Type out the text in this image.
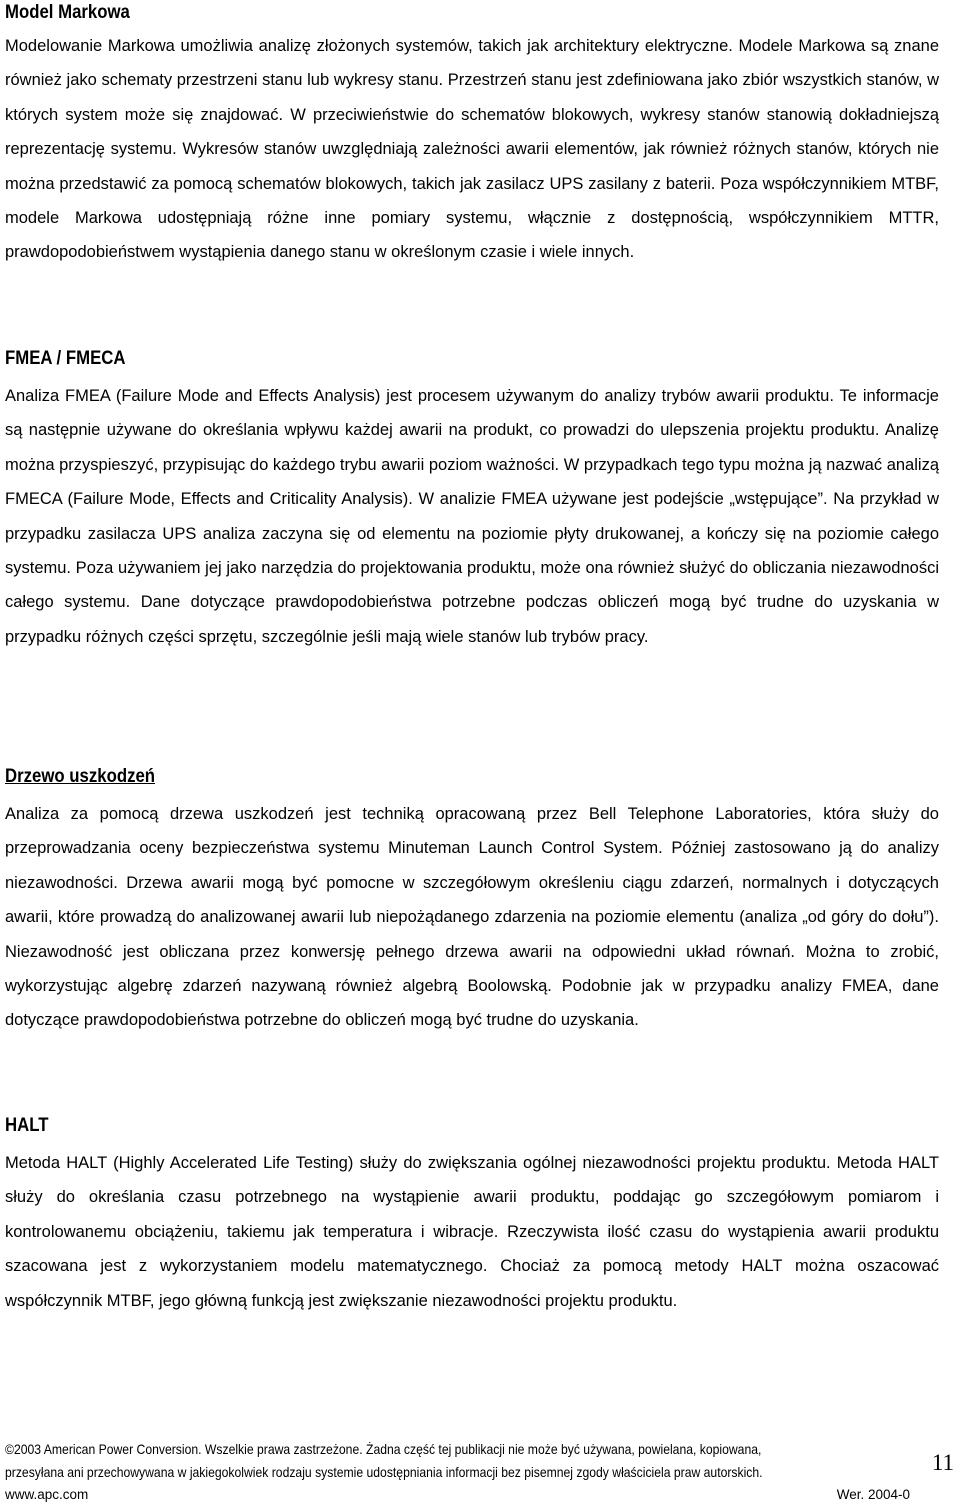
Model Markowa

Modelowanie Markowa umożliwia analizę złożonych systemów, takich jak architektury elektryczne. Modele Markowa są znane również jako schematy przestrzeni stanu lub wykresy stanu. Przestrzeń stanu jest zdefiniowana jako zbiór wszystkich stanów, w których system może się znajdować. W przeciwieństwie do schematów blokowych, wykresy stanów stanowią dokładniejszą reprezentację systemu. Wykresów stanów uwzględniają zależności awarii elementów, jak również różnych stanów, których nie można przedstawić za pomocą schematów blokowych, takich jak zasilacz UPS zasilany z baterii. Poza współczynnikiem MTBF, modele Markowa udostępniają różne inne pomiary systemu, włącznie z dostępnością, współczynnikiem MTTR, prawdopodobieństwem wystąpienia danego stanu w określonym czasie i wiele innych.

FMEA / FMECA

Analiza FMEA (Failure Mode and Effects Analysis) jest procesem używanym do analizy trybów awarii produktu. Te informacje są następnie używane do określania wpływu każdej awarii na produkt, co prowadzi do ulepszenia projektu produktu. Analizę można przyspieszyć, przypisując do każdego trybu awarii poziom ważności. W przypadkach tego typu można ją nazwać analizą FMECA (Failure Mode, Effects and Criticality Analysis). W analizie FMEA używane jest podejście „wstępujące”. Na przykład w przypadku zasilacza UPS analiza zaczyna się od elementu na poziomie płyty drukowanej, a kończy się na poziomie całego systemu. Poza używaniem jej jako narzędzia do projektowania produktu, może ona również służyć do obliczania niezawodności całego systemu. Dane dotyczące prawdopodobieństwa potrzebne podczas obliczeń mogą być trudne do uzyskania w przypadku różnych części sprzętu, szczególnie jeśli mają wiele stanów lub trybów pracy.

Drzewo uszkodzeń

Analiza za pomocą drzewa uszkodzeń jest techniką opracowaną przez Bell Telephone Laboratories, która służy do przeprowadzania oceny bezpieczeństwa systemu Minuteman Launch Control System. Później zastosowano ją do analizy niezawodności. Drzewa awarii mogą być pomocne w szczegółowym określeniu ciągu zdarzeń, normalnych i dotyczących awarii, które prowadzą do analizowanej awarii lub niepożądanego zdarzenia na poziomie elementu (analiza „od góry do dołu”). Niezawodność jest obliczana przez konwersję pełnego drzewa awarii na odpowiedni układ równań. Można to zrobić, wykorzystując algebrę zdarzeń nazywaną również algebrą Boolowską. Podobnie jak w przypadku analizy FMEA, dane dotyczące prawdopodobieństwa potrzebne do obliczeń mogą być trudne do uzyskania.

HALT

Metoda HALT (Highly Accelerated Life Testing) służy do zwiększania ogólnej niezawodności projektu produktu. Metoda HALT służy do określania czasu potrzebnego na wystąpienie awarii produktu, poddając go szczegółowym pomiarom i kontrolowanemu obciążeniu, takiemu jak temperatura i wibracje. Rzeczywista ilość czasu do wystąpienia awarii produktu szacowana jest z wykorzystaniem modelu matematycznego. Chociaż za pomocą metody HALT można oszacować współczynnik MTBF, jego główną funkcją jest zwiększanie niezawodności projektu produktu.

©2003 American Power Conversion. Wszelkie prawa zastrzeżone. Żadna część tej publikacji nie może być używana, powielana, kopiowana,
przesyłana ani przechowywana w jakiegokolwiek rodzaju systemie udostępniania informacji bez pisemnej zgody właściciela praw autorskich.
www.apc.com	Wer. 2004-0
11
